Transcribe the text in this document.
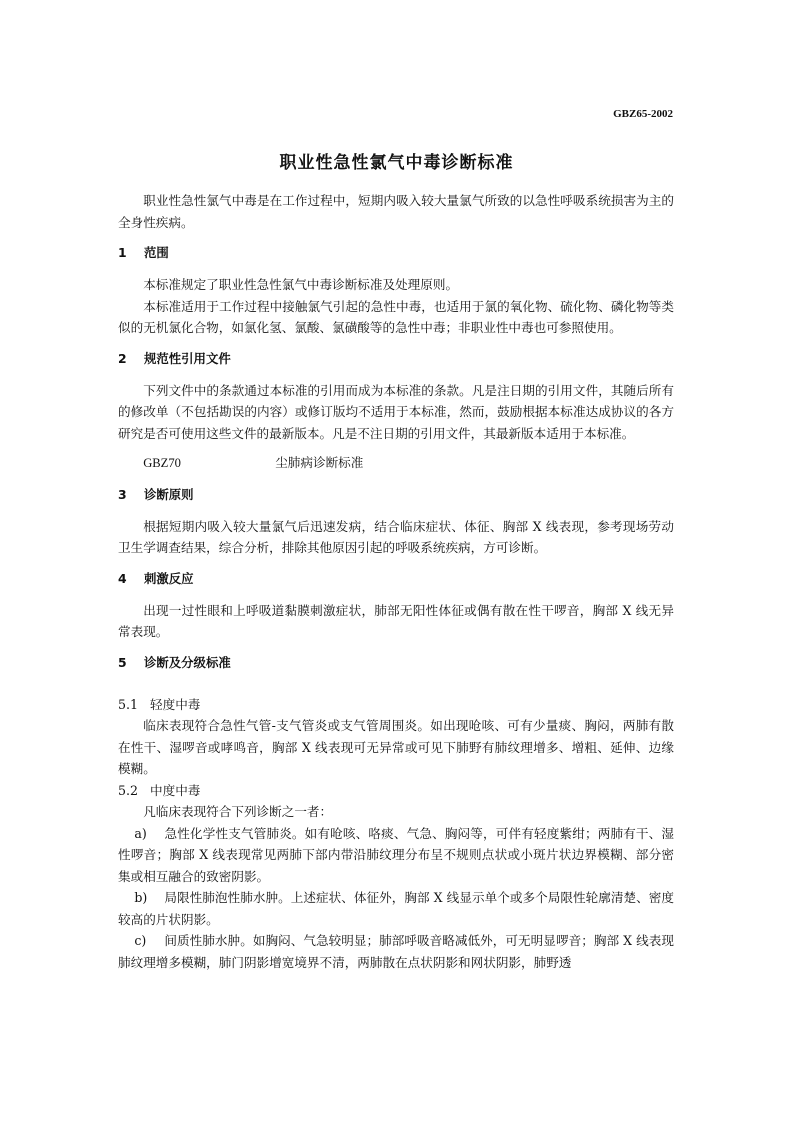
GBZ65-2002
职业性急性氯气中毒诊断标准

职业性急性氯气中毒是在工作过程中，短期内吸入较大量氯气所致的以急性呼吸系统损害为主的全身性疾病。

1 范围

本标准规定了职业性急性氯气中毒诊断标准及处理原则。

本标准适用于工作过程中接触氯气引起的急性中毒，也适用于氯的氧化物、硫化物、磷化物等类似的无机氯化合物，如氯化氢、氯酸、氯磺酸等的急性中毒；非职业性中毒也可参照使用。

2 规范性引用文件

下列文件中的条款通过本标准的引用而成为本标准的条款。凡是注日期的引用文件，其随后所有的修改单（不包括勘误的内容）或修订版均不适用于本标准，然而，鼓励根据本标准达成协议的各方研究是否可使用这些文件的最新版本。凡是不注日期的引用文件，其最新版本适用于本标准。

GBZ70	尘肺病诊断标准
3 诊断原则

根据短期内吸入较大量氯气后迅速发病，结合临床症状、体征、胸部 X 线表现，参考现场劳动卫生学调查结果，综合分析，排除其他原因引起的呼吸系统疾病，方可诊断。

4 刺激反应

出现一过性眼和上呼吸道黏膜刺激症状，肺部无阳性体征或偶有散在性干啰音，胸部 X 线无异常表现。

5 诊断及分级标准
5.1 轻度中毒

临床表现符合急性气管-支气管炎或支气管周围炎。如出现呛咳、可有少量痰、胸闷，两肺有散在性干、湿啰音或哮鸣音，胸部 X 线表现可无异常或可见下肺野有肺纹理增多、增粗、延伸、边缘模糊。

5.2 中度中毒

凡临床表现符合下列诊断之一者：

a) 急性化学性支气管肺炎。如有呛咳、咯痰、气急、胸闷等，可伴有轻度紫绀；两肺有干、湿性啰音；胸部 X 线表现常见两肺下部内带沿肺纹理分布呈不规则点状或小斑片状边界模糊、部分密集或相互融合的致密阴影。

b) 局限性肺泡性肺水肿。上述症状、体征外，胸部 X 线显示单个或多个局限性轮廓清楚、密度较高的片状阴影。

c) 间质性肺水肿。如胸闷、气急较明显；肺部呼吸音略减低外，可无明显啰音；胸部 X 线表现肺纹理增多模糊，肺门阴影增宽境界不清，两肺散在点状阴影和网状阴影，肺野透
